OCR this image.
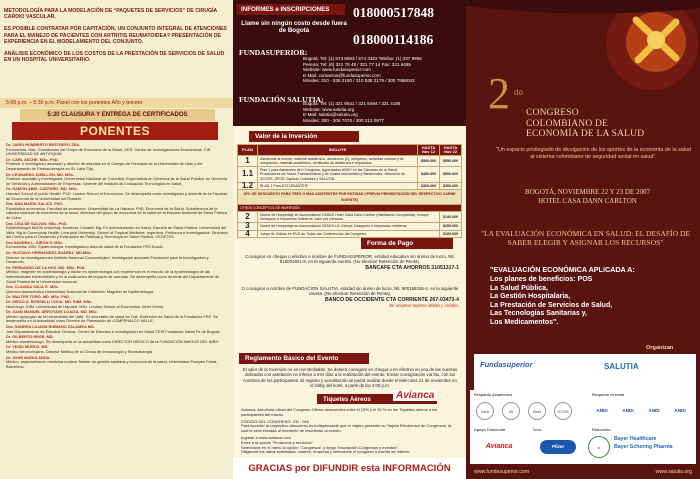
METODOLOGÍA PARA LA MODELACIÓN DE “PAQUETES DE SERVICIOS” DE CIRUGÍA CARDIO VASCULAR.
ES POSIBLE CONTRATAR POR CAPITACIÓN, UN CONJUNTO INTEGRAL DE ATENCIONES PARA EL MANEJO DE PACIENTES CON ARTRITIS REUMATOIDEA? PRESENTACIÓN DE EXPERIENCIA EN EL MODELAMIENTO DEL CONJUNTO.
ANÁLISIS ECONÓMICO DE LOS COSTOS DE LA PRESTACIÓN DE SERVICIOS DE SALUD EN UN HOSPITAL UNIVERSITARIO.
5:00 p.m. – 5:30 p.m. Panel con los ponentes Año y tercero
5:30 CLAUSURA Y ENTREGA DE CERTIFICADOS
PONENTES
Dr. JAIRO HUMBERTO RESTREPO ZEA.
Economista. Msc. Coordinador del Grupo de Economía de la Salud, GES. Centro de Investigaciones Económicas, CIE. UNIVERSIDAD DE ANTIOQUIA.
Dr. CARL ASCHE. MSc. PhD.
Profesor e investigador asociado y director de estudios en el Colegio de Farmacia de la Universidad de Utah y del Departamento de Farmacoterapia en St. Lake City.
Dr. LEONARDO DUBLLÓN. MD. MSc.
Profesor asociado y investigador, Universidad Nacional de Colombia. Especialista en Gerencia de la Salud Pública, en Gerencia de Servicios y Administración de Empresas. Gerente del Instituto de Evaluación Tecnológica en Salud.
Dr. RAMÓN ABEL CASTAÑO. MD. MSc.
Harvard School of public Health. PhD. London School of Economics. Se desempeña como investigador y docente de la Facultad de Economía de la Universidad del Rosario.
Dra. ANA MARÍA GALICZ. PhD.
Estadística económica. Facultad de economía. Universidad de La Habana. PhD. Economía de la Salud. Subdirectora de la cátedra nacional de economía de la salud, directora del grupo de economía de la salud de la Escuela Nacional de Salud Pública de Cuba.
Dra. LISA DE SALVAN. MSc. PhD.
Epidemiología McGill University, Montreal, Canadá. Mg. En Administración en Salud, Escuela de Salud Pública, Universidad del Valle. Mg in Community Health, Liverpool University. School of Tropical Medicine. Ingeniera. Profesora e investigadora. Directora del Centro para el Desarrollo y Evaluación de Políticas y Tecnología en Salud Pública. CEDETES.
Dra SANDRA L. GIRÓN S. MSc.
Economista. MSc. Epidemiología. Investigadora área de salud de la Fundación FES Social.
Dr. GUSTAVO HERNÁNDEZ-SUÁREZ. MD.MSc.
Director de investigaciones Instituto Nacional Cancerológico. Investigador asociado Fundación para la Investigación y Desarrollo.
Dr. FERNANDO DE LA HOZ. MD. MSc. PhD.
Médico, magíster en epidemiología y doctor en epidemiología con experiencia en el estudio de la epidemiología de las enfermedades transmisibles y en la evaluación de impacto de vacunas. Se desempeñó como docente del Departamento de Salud Pública de la Universidad nacional.
Dra. CLAUDIA VACA G. MSc.
Química farmacéutica Universidad Nacional de Colombia. Magíster en Epidemiología.
Dr. WALTER TORO. MD. MSc. PhD.
Dr. DIEGO A. ROSSELLI COCK. MD. EdM. MSc.
Neurólogo. EdM. Universidad de Harvard. MSc. London School of Economics. Neiro Grieta.
Dr. JUAN MANUEL ARROYAVE LOAIZA. MD. MSc.
Médico quirúrgico de la Universidad del Valle. Ex secretario de salud de Cali. Exdirector de Salud de la Fundación FES. Se desempeña en la actualidad como Director de Planeación de COMFENALCO VALLE.
Dra. SANDRA LILIANA RUBIANO ZALAMEA MD.
Jefe Departamento de Estudios Clínicos. Centro de Estudios e Investigación en Salud CEIS Fundación Santa Fe de Bogotá.
Dr. GILBERTO REGE. MD.
Médico anestesiólogo. Se desempeña en la actualidad como DIRECTOR MÉDICO de la FUNDACIÓN AMIGOS DEL NIÑO.
Dr. YESID MUÑOZ. MD.
Médico Neurocirujano. Director Médico de la Clínica de Inmunología y Reumatología.
Dr. JOHN MARULANDA.
Médico, especialista en medicina nuclear. Master en gestión sanitaria y economía de la salud. Universidad Pompeu Fabra, Barcelona.
INFORMES e INSCRIPCIONES	018000517848
Llame sin ningún costo desde fuera de Bogotá
018000114186
FUNDASUPERIOR:
Bogotá: Tel: (1) 573 8593 / 574 3322 Telefax: (1) 337 9955
Pereira: Tel: (6) 321 78 48 / 321 77 14 Fax: 321 6465
Website: www.fundasuperior.com
E-Mail: contactos@fundasuperior.com
Moviles: 310 - 538 2180 / 310 538 2179 / 300 7866043
FUNDACIÓN SALUTIA:
Bogotá: Tel: (1) 321 6641 / 321 6494 / 321 4186
Website: www.salutia.org
E-Mail: salutia@salutia.org
Moviles: 300 - 206 7070 / 300 213 0977
Valor de la Inversión
PLAN	INCLUYE	HASTA Nov 12	HASTA Nov 22
1	Asistencia al evento, material académico, almuerzos (2), refrigerios, actividad cultural y de integración, material académico, certificado de asistencia e impuestos.	$500.000	$550.000
1.1	Plan 1 para Asistentes del I Congreso, Agremiados ANDI* en las Cámaras de la Salud, Proveedores de Salud, Farmacéuticas y de Gases Industriales y Medicinales. Miembros de SCOSS, SPOR Capítulo Colombia y SALUTIA.	$450.000	$500.000
1.2	PLAN 1 Para ESTUDIANTES*	$300.000	$300.000
10% DE DESCUENTO PARA TRES O MÁS ASISTENTES POR ENTIDAD (*PREVIA PRESENTACIÓN DEL RESPECTIVO CARNE VIGENTE)			
OTROS CONCEPTOS DE INVERSIÓN			
2	Noche de Hospedaje en Acomodación DOBLE Hotel Casa Dann Carlton (Habitación Compartida). Incluye Desayuno e Impuestos hoteleros, valor por persona.		$140.000
3	Noche de Hospedaje en Acomodación SENCILLA. Incluye Desayuno e Impuestos hoteleros.		$250.000
4	Juego de Videos en DVD de Todas las Conferencias del Congreso		$100.000
Forma de Pago
Consignar en cheque o efectivo a nombre de FUNDASUPERIOR, entidad educativa sin ánimo de lucro, Nit. 816001821-9, en la siguiente cuenta. (No efectuar Retención de Renta).
BANCAFE CTA AHORROS 31051317-1
O consignar a nombre de FUNDACION SALUTIA, entidad sin ánimo de lucro, Nit. 900168245-4, en la siguiente cuenta. (No efectuar Retención de Renta).
BANCO DE OCCIDENTE CTA CORRIENTE 267-03473-4
Se aceptan tarjetas débito y crédito.
Reglamento Básico del Evento
El valor de la Inversión no es reembolsable. Se deberá consignar en cheque o en efectivo en una de las cuentas indicadas con antelación no inferior a tres días a la realización del evento. Enviar consignación vía fax, con los nombres de los participantes. El registro y acreditación se podrá realizar desde el Miércoles 21 de noviembre en el lobby del hotel, a partir de las 4:00 p.m.
Tiquetes Aéreos	Avianca
Avianca, Aerolínea oficial del Congreso Ofrece descuentos entre el 10% y el 20 % en los Tiquetes aéreos a los participantes del mismo.
CÓDIGO DEL CONGRESO: GN - 046
Para acceder al respectivo descuento es indispensable que el viajero presente su Tarjeta Electrónica de Congresos, la cual le será enviada al momento de inscribirse al evento.
Ingrese a www.avianca.com
Entre a la opción "Productos y servicios"
Seleccione en el menú la opción "Congresos" y luego "Inscripción Congresos y eventos".
Diligencie los datos solicitados: nombre, empresa y seleccione el congreso o evento de interés.
GRACIAS por DIFUNDIR esta INFORMACIÓN
2 do
CONGRESO
COLOMBIANO DE
ECONOMÍA DE LA SALUD
"Un espacio privilegiado de divulgación de los aportes de la economía de la salud al sistema colombiano de seguridad social en salud".
BOGOTÁ, NOVIEMBRE 22 Y 23 DE 2007
HOTEL CASA DANN CARLTON
"LA EVALUACIÓN ECONÓMICA EN SALUD: EL DESAFÍO DE SABER ELEGIR Y ASIGNAR LOS RECURSOS"
"EVALUACIÓN ECONÓMICA APLICADA A:
Los planes de beneficios: POS
La Salud Pública,
La Gestión Hospitalaria,
La Prestación de Servicios de Salud,
Las Tecnologías Sanitarias y,
Los Medicamentos".
Organizan
Fundasuperior	SALUTIA
Respaldo Académico	Respaldo Gremial
UdeA	UN	Santo Tomás
SCOSS	ANDI	ANDI	ANDI	ANDI
Apoyo Comercial	Patrocinio
Avianca	Pfizer	✚
Bayer Healthcare
Bayer Schering Pharma
www.fundasuperior.com	www.salutia.org
